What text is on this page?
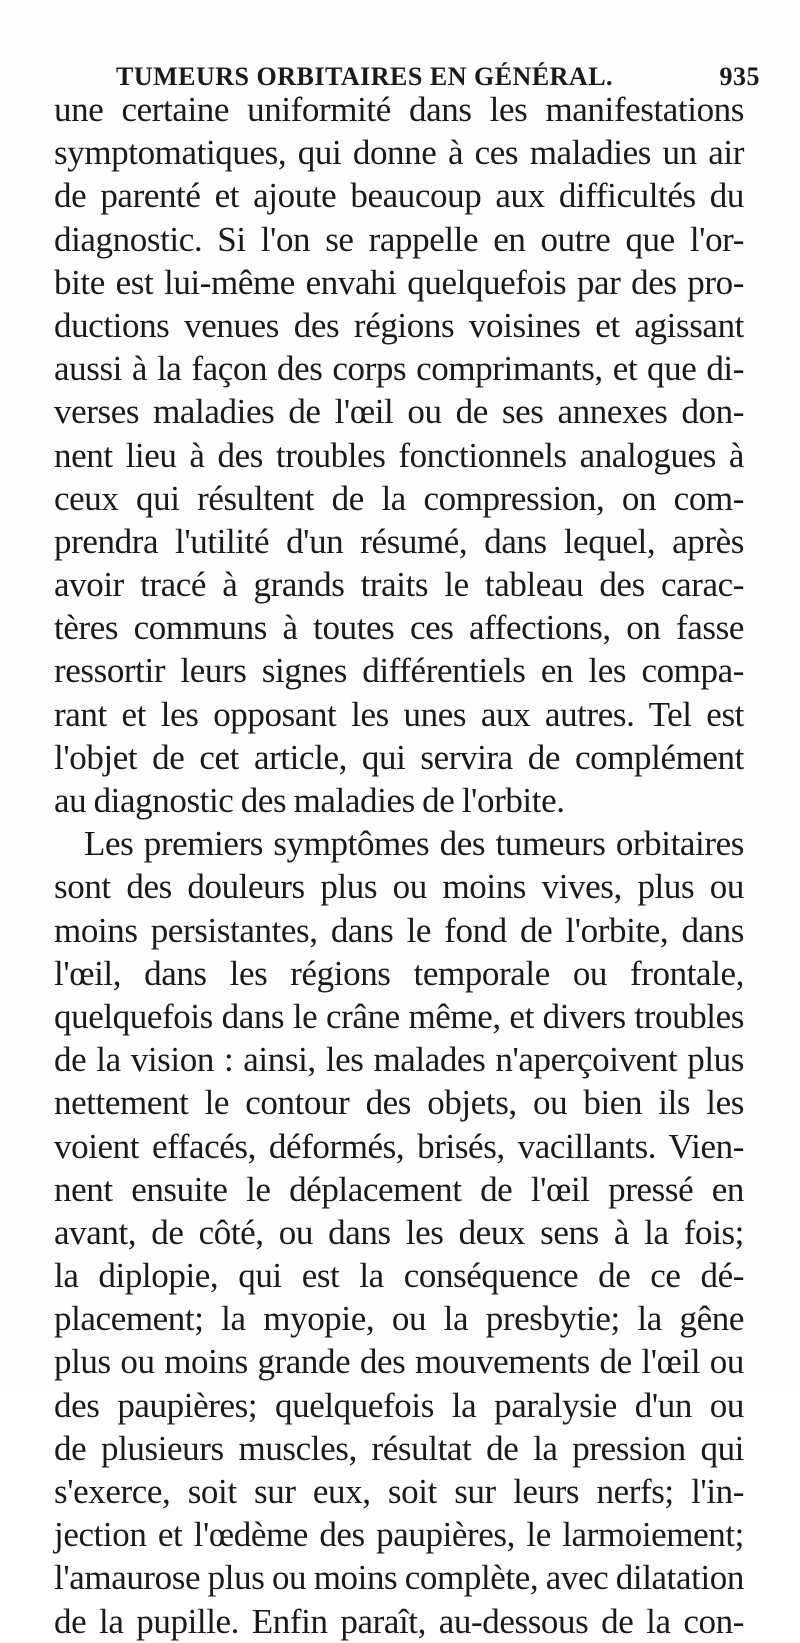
TUMEURS ORBITAIRES EN GÉNÉRAL.	935
une certaine uniformité dans les manifestations
symptomatiques, qui donne à ces maladies un air
de parenté et ajoute beaucoup aux difficultés du
diagnostic. Si l'on se rappelle en outre que l'or-
bite est lui-même envahi quelquefois par des pro-
ductions venues des régions voisines et agissant
aussi à la façon des corps comprimants, et que di-
verses maladies de l'œil ou de ses annexes don-
nent lieu à des troubles fonctionnels analogues à
ceux qui résultent de la compression, on com-
prendra l'utilité d'un résumé, dans lequel, après
avoir tracé à grands traits le tableau des carac-
tères communs à toutes ces affections, on fasse
ressortir leurs signes différentiels en les compa-
rant et les opposant les unes aux autres. Tel est
l'objet de cet article, qui servira de complément
au diagnostic des maladies de l'orbite.
Les premiers symptômes des tumeurs orbitaires
sont des douleurs plus ou moins vives, plus ou
moins persistantes, dans le fond de l'orbite, dans
l'œil, dans les régions temporale ou frontale,
quelquefois dans le crâne même, et divers troubles
de la vision : ainsi, les malades n'aperçoivent plus
nettement le contour des objets, ou bien ils les
voient effacés, déformés, brisés, vacillants. Vien-
nent ensuite le déplacement de l'œil pressé en
avant, de côté, ou dans les deux sens à la fois;
la diplopie, qui est la conséquence de ce dé-
placement; la myopie, ou la presbytie; la gêne
plus ou moins grande des mouvements de l'œil ou
des paupières; quelquefois la paralysie d'un ou
de plusieurs muscles, résultat de la pression qui
s'exerce, soit sur eux, soit sur leurs nerfs; l'in-
jection et l'œdème des paupières, le larmoiement;
l'amaurose plus ou moins complète, avec dilatation
de la pupille. Enfin paraît, au-dessous de la con-
